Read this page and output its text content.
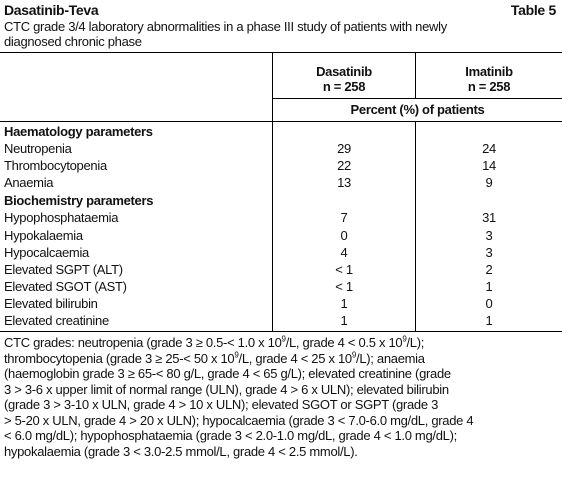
Dasatinib-Teva	Table 5
CTC grade 3/4 laboratory abnormalities in a phase III study of patients with newly
diagnosed chronic phase
Dasatinib
n = 258
Imatinib
n = 258
Percent (%) of patients
Haematology parameters
Neutropenia	29	24
Thrombocytopenia	22	14
Anaemia	13	9
Biochemistry parameters
Hypophosphataemia	7	31
Hypokalaemia	0	3
Hypocalcaemia	4	3
Elevated SGPT (ALT)	< 1	2
Elevated SGOT (AST)	< 1	1
Elevated bilirubin	1	0
Elevated creatinine	1	1
CTC grades: neutropenia (grade 3 ≥ 0.5-< 1.0 x $10^9/L$, grade 4 < 0.5 x $10^9/L$);
thrombocytopenia (grade 3 ≥ 25-< 50 x $10^9/L$, grade 4 < 25 x $10^9/L$); anaemia
(haemoglobin grade 3 ≥ 65-< 80 g/L, grade 4 < 65 g/L); elevated creatinine (grade
3 > 3-6 x upper limit of normal range (ULN), grade 4 > 6 x ULN); elevated bilirubin
(grade 3 > 3-10 x ULN, grade 4 > 10 x ULN); elevated SGOT or SGPT (grade 3
> 5-20 x ULN, grade 4 > 20 x ULN); hypocalcaemia (grade 3 < 7.0-6.0 mg/dL, grade 4
< 6.0 mg/dL); hypophosphataemia (grade 3 < 2.0-1.0 mg/dL, grade 4 < 1.0 mg/dL);
hypokalaemia (grade 3 < 3.0-2.5 mmol/L, grade 4 < 2.5 mmol/L).
